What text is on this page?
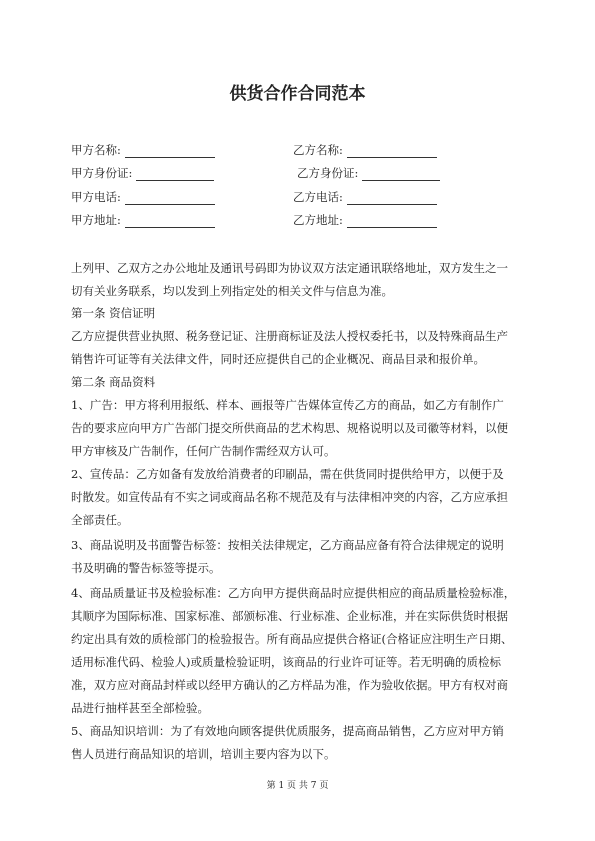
供货合作合同范本
甲方名称:
甲方身份证:
甲方电话:
甲方地址:
乙方名称:
乙方身份证:
乙方电话:
乙方地址:
上列甲、乙双方之办公地址及通讯号码即为协议双方法定通讯联络地址，双方发生之一
切有关业务联系，均以发到上列指定处的相关文件与信息为准。
第一条 资信证明
乙方应提供营业执照、税务登记证、注册商标证及法人授权委托书，以及特殊商品生产
销售许可证等有关法律文件，同时还应提供自己的企业概况、商品目录和报价单。
第二条 商品资料
1、广告：甲方将利用报纸、样本、画报等广告媒体宣传乙方的商品，如乙方有制作广
告的要求应向甲方广告部门提交所供商品的艺术构思、规格说明以及司徽等材料，以便
甲方审核及广告制作，任何广告制作需经双方认可。
2、宣传品：乙方如备有发放给消费者的印刷品，需在供货同时提供给甲方，以便于及
时散发。如宣传品有不实之词或商品名称不规范及有与法律相冲突的内容，乙方应承担
全部责任。
3、商品说明及书面警告标签：按相关法律规定，乙方商品应备有符合法律规定的说明
书及明确的警告标签等提示。
4、商品质量证书及检验标准：乙方向甲方提供商品时应提供相应的商品质量检验标准，
其顺序为国际标准、国家标准、部颁标准、行业标准、企业标准，并在实际供货时根据
约定出具有效的质检部门的检验报告。所有商品应提供合格证(合格证应注明生产日期、
适用标准代码、检验人)或质量检验证明，该商品的行业许可证等。若无明确的质检标
准，双方应对商品封样或以经甲方确认的乙方样品为准，作为验收依据。甲方有权对商
品进行抽样甚至全部检验。
5、商品知识培训：为了有效地向顾客提供优质服务，提高商品销售，乙方应对甲方销
售人员进行商品知识的培训，培训主要内容为以下。
第 1 页 共 7 页
